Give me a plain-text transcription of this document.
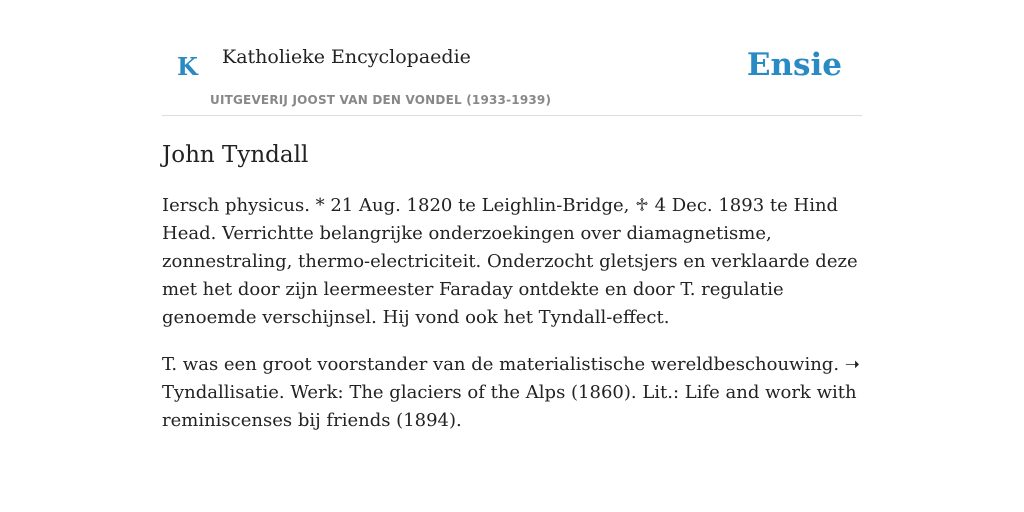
K Katholieke Encyclopaedie
UITGEVERIJ JOOST VAN DEN VONDEL (1933-1939)
Ensie
John Tyndall

Iersch physicus. * 21 Aug. 1820 te Leighlin-Bridge, ♱ 4 Dec. 1893 te Hind Head. Verrichtte belangrijke onderzoekingen over diamagnetisme, zonnestraling, thermo-electriciteit. Onderzocht gletsjers en verklaarde deze met het door zijn leermeester Faraday ontdekte en door T. regulatie genoemde verschijnsel. Hij vond ook het Tyndall-effect.

T. was een groot voorstander van de materialistische wereldbeschouwing. ➝ Tyndallisatie. Werk: The glaciers of the Alps (1860). Lit.: Life and work with reminiscenses bij friends (1894).
